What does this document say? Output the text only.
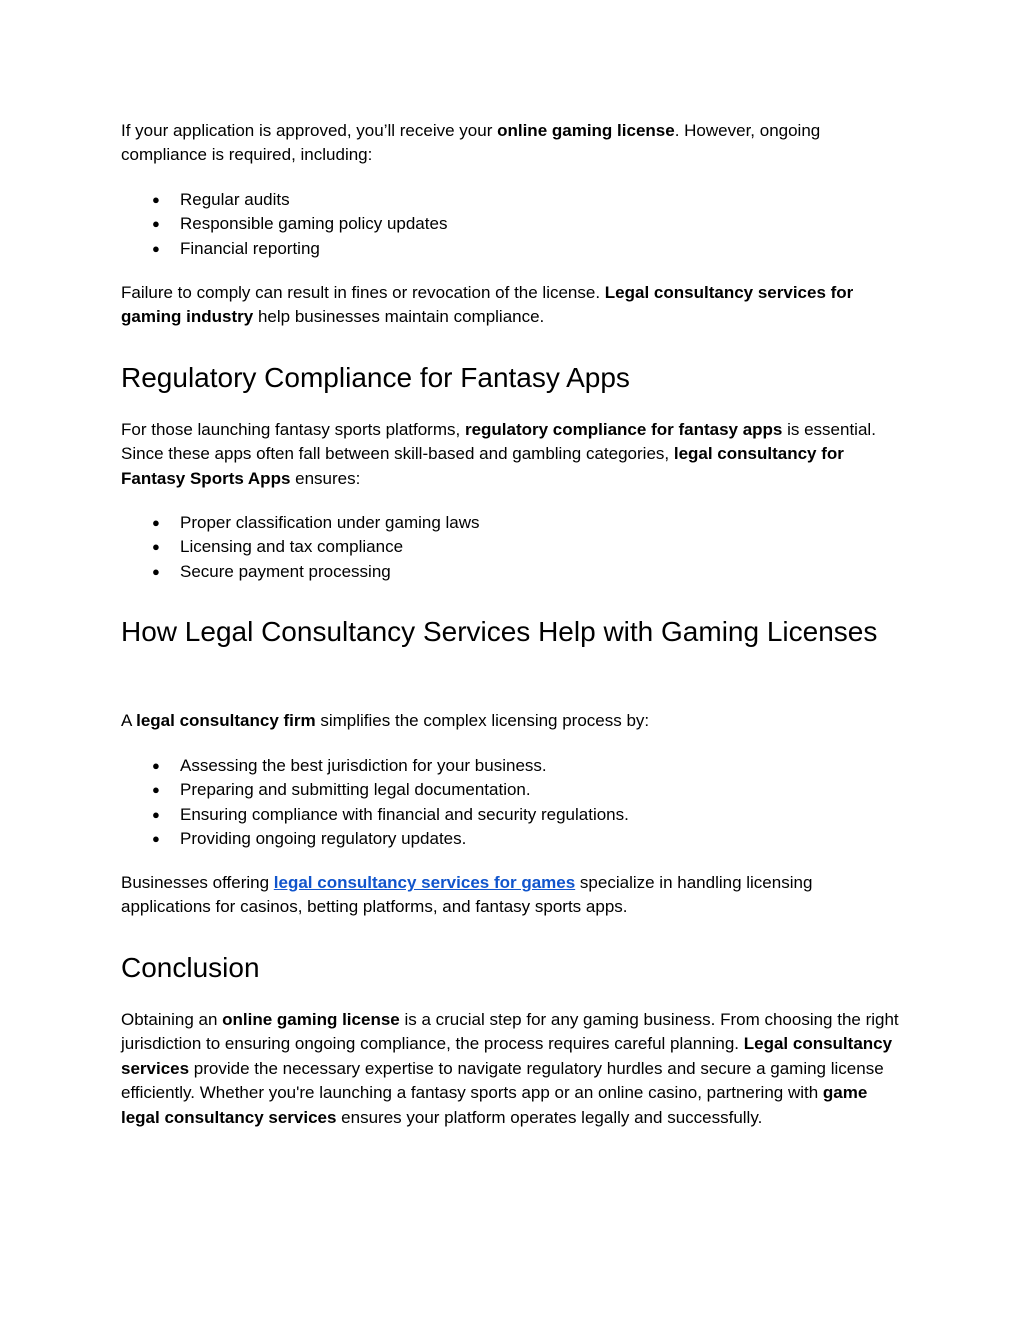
If your application is approved, you’ll receive your online gaming license. However, ongoing compliance is required, including:

● Regular audits
● Responsible gaming policy updates
● Financial reporting

Failure to comply can result in fines or revocation of the license. Legal consultancy services for gaming industry help businesses maintain compliance.

Regulatory Compliance for Fantasy Apps

For those launching fantasy sports platforms, regulatory compliance for fantasy apps is essential. Since these apps often fall between skill-based and gambling categories, legal consultancy for Fantasy Sports Apps ensures:

● Proper classification under gaming laws
● Licensing and tax compliance
● Secure payment processing
How Legal Consultancy Services Help with Gaming Licenses

A legal consultancy firm simplifies the complex licensing process by:

● Assessing the best jurisdiction for your business.
● Preparing and submitting legal documentation.
● Ensuring compliance with financial and security regulations.
● Providing ongoing regulatory updates.

Businesses offering legal consultancy services for games specialize in handling licensing applications for casinos, betting platforms, and fantasy sports apps.

Conclusion

Obtaining an online gaming license is a crucial step for any gaming business. From choosing the right jurisdiction to ensuring ongoing compliance, the process requires careful planning. Legal consultancy services provide the necessary expertise to navigate regulatory hurdles and secure a gaming license efficiently. Whether you're launching a fantasy sports app or an online casino, partnering with game legal consultancy services ensures your platform operates legally and successfully.
